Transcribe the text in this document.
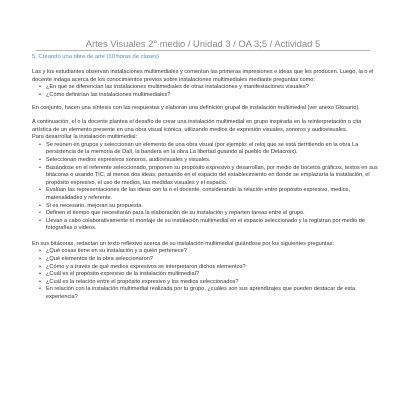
Artes Visuales 2° medio / Unidad 3 / OA 3;5 / Actividad 5
5. Creando una obra de arte (10 horas de clases)

Las y los estudiantes observan instalaciones multimediales y comentan las primeras impresiones e ideas que les producen. Luego, la o el docente indaga acerca de los conocimientos previos sobre instalaciones multimediales mediante preguntas como:

• ¿En qué se diferencian las instalaciones multimediales de otras instalaciones y manifestaciones visuales?
• ¿Cómo definirían las instalaciones multimediales?

En conjunto, hacen una síntesis con las respuestas y elaboran una definición grupal de instalación multimedial (ver anexo Glosario).

A continuación, el o la docente plantea el desafío de crear una instalación multimedial en grupo inspirada en la reinterpretación o cita artística de un elemento presente en una obra visual icónica, utilizando medios de expresión visuales, sonoros y audiovisuales.

Para desarrollar la instalación multimedial:

• Se reúnen en grupos y seleccionan un elemento de una obra visual (por ejemplo: el reloj que se está derritiendo en la obra La persistencia de la memoria de Dalí, la bandera en la obra La libertad guiando al pueblo de Delacroix).
• Seleccionan medios expresivos sonoros, audiovisuales y visuales.
• Basándose en el referente seleccionado, proponen su propósito expresivo y desarrollan, por medio de bocetos gráficos, textos en sus bitácoras o usando TIC, al menos dos ideas, pensando en el espacio del establecimiento en donde se emplazaría la instalación, el propósito expresivo, el uso de medios, las medidas visuales y el espacio.
• Evalúan las representaciones de las ideas con la o el docente, considerando la relación entre propósito expresivo, medios, materialidades y referente.
• Si es necesario, mejoran su propuesta.
• Definen el tiempo que necesitarán para la elaboración de su instalación y reparten tareas entre el grupo.
• Llevan a cabo colaborativamente el montaje de su instalación multimedial en el espacio seleccionado y la registran por medio de fotografías o videos.

En sus bitácoras, redactan un texto reflexivo acerca de su instalación multimedial guiándose por los siguientes preguntas:

• ¿Qué cosas tiene en su instalación y a quién pertenece?
• ¿Qué elementos de la obra seleccionaron?
• ¿Cómo y a través de qué medios expresivos se interpretaron dichos elementos?
• ¿Cuál es el propósito expresivo de la instalación multimedial?
• ¿Cuál es la relación entre el propósito expresivo y los medios seleccionados?
• En relación con la instalación multimedial realizada por tu grupo, ¿cuáles son sus aprendizajes que pueden destacar de esta experiencia?
